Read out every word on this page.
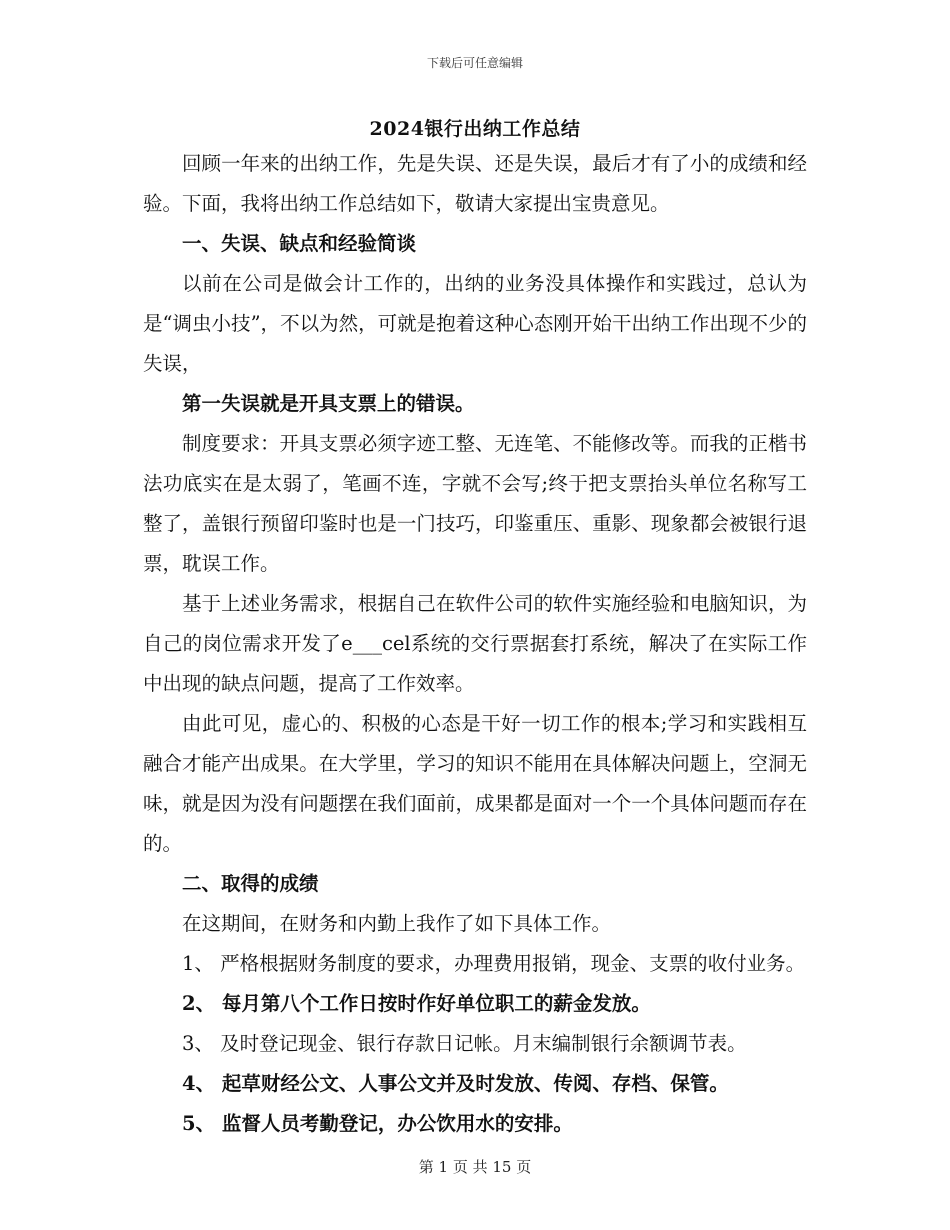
下载后可任意编辑
2024银行出纳工作总结

回顾一年来的出纳工作，先是失误、还是失误，最后才有了小的成绩和经验。下面，我将出纳工作总结如下，敬请大家提出宝贵意见。

一、失误、缺点和经验简谈

以前在公司是做会计工作的，出纳的业务没具体操作和实践过，总认为是“调虫小技”，不以为然，可就是抱着这种心态刚开始干出纳工作出现不少的失误，

第一失误就是开具支票上的错误。

制度要求：开具支票必须字迹工整、无连笔、不能修改等。而我的正楷书法功底实在是太弱了，笔画不连，字就不会写;终于把支票抬头单位名称写工整了，盖银行预留印鉴时也是一门技巧，印鉴重压、重影、现象都会被银行退票，耽误工作。

基于上述业务需求，根据自己在软件公司的软件实施经验和电脑知识，为自己的岗位需求开发了e___cel系统的交行票据套打系统，解决了在实际工作中出现的缺点问题，提高了工作效率。

由此可见，虚心的、积极的心态是干好一切工作的根本;学习和实践相互融合才能产出成果。在大学里，学习的知识不能用在具体解决问题上，空洞无味，就是因为没有问题摆在我们面前，成果都是面对一个一个具体问题而存在的。

二、取得的成绩

在这期间，在财务和内勤上我作了如下具体工作。

1、 严格根据财务制度的要求，办理费用报销，现金、支票的收付业务。

2、 每月第八个工作日按时作好单位职工的薪金发放。

3、 及时登记现金、银行存款日记帐。月末编制银行余额调节表。

4、 起草财经公文、人事公文并及时发放、传阅、存档、保管。

5、 监督人员考勤登记，办公饮用水的安排。

第 1 页 共 15 页
